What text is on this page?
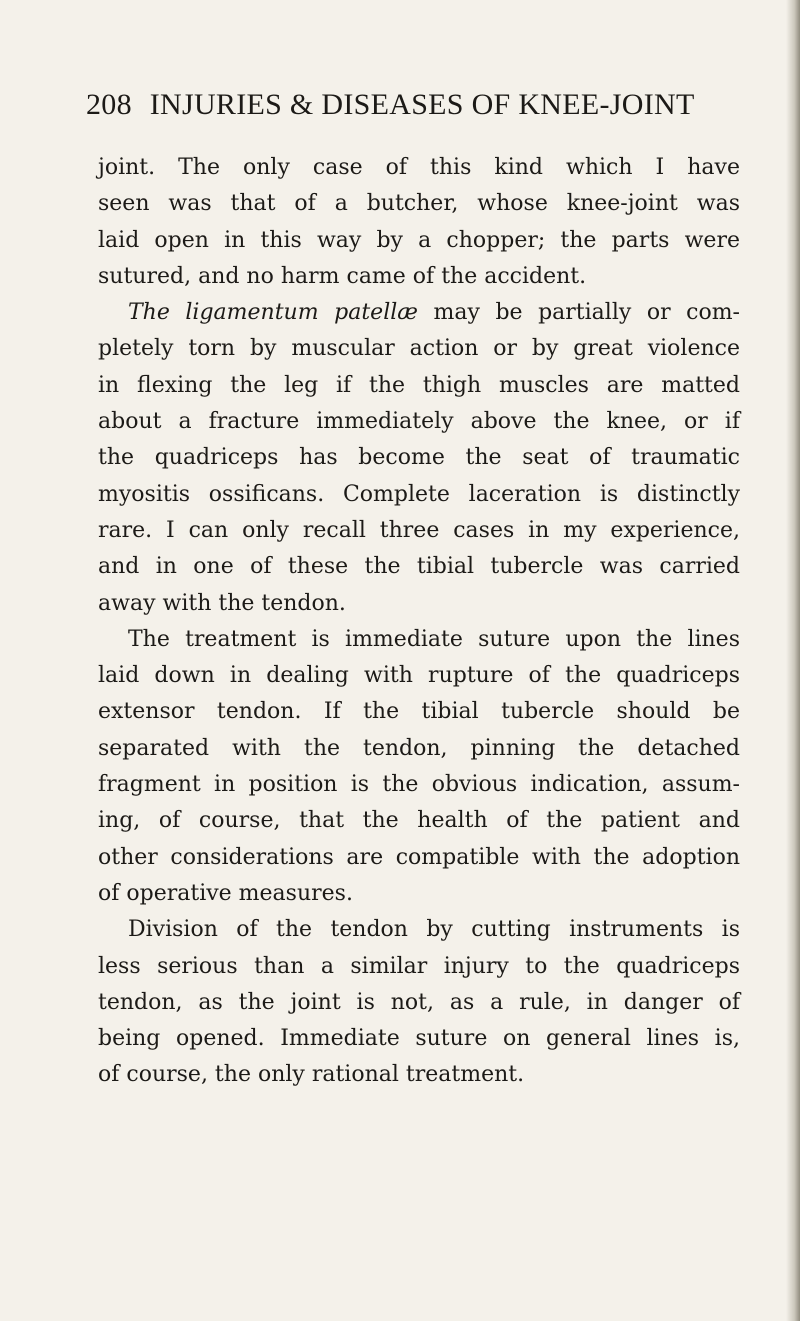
208 INJURIES & DISEASES OF KNEE-JOINT
joint. The only case of this kind which I have
seen was that of a butcher, whose knee-joint was
laid open in this way by a chopper; the parts were
sutured, and no harm came of the accident.
The ligamentum patellæ may be partially or com-
pletely torn by muscular action or by great violence
in flexing the leg if the thigh muscles are matted
about a fracture immediately above the knee, or if
the quadriceps has become the seat of traumatic
myositis ossificans. Complete laceration is distinctly
rare. I can only recall three cases in my experience,
and in one of these the tibial tubercle was carried
away with the tendon.
The treatment is immediate suture upon the lines
laid down in dealing with rupture of the quadriceps
extensor tendon. If the tibial tubercle should be
separated with the tendon, pinning the detached
fragment in position is the obvious indication, assum-
ing, of course, that the health of the patient and
other considerations are compatible with the adoption
of operative measures.
Division of the tendon by cutting instruments is
less serious than a similar injury to the quadriceps
tendon, as the joint is not, as a rule, in danger of
being opened. Immediate suture on general lines is,
of course, the only rational treatment.
